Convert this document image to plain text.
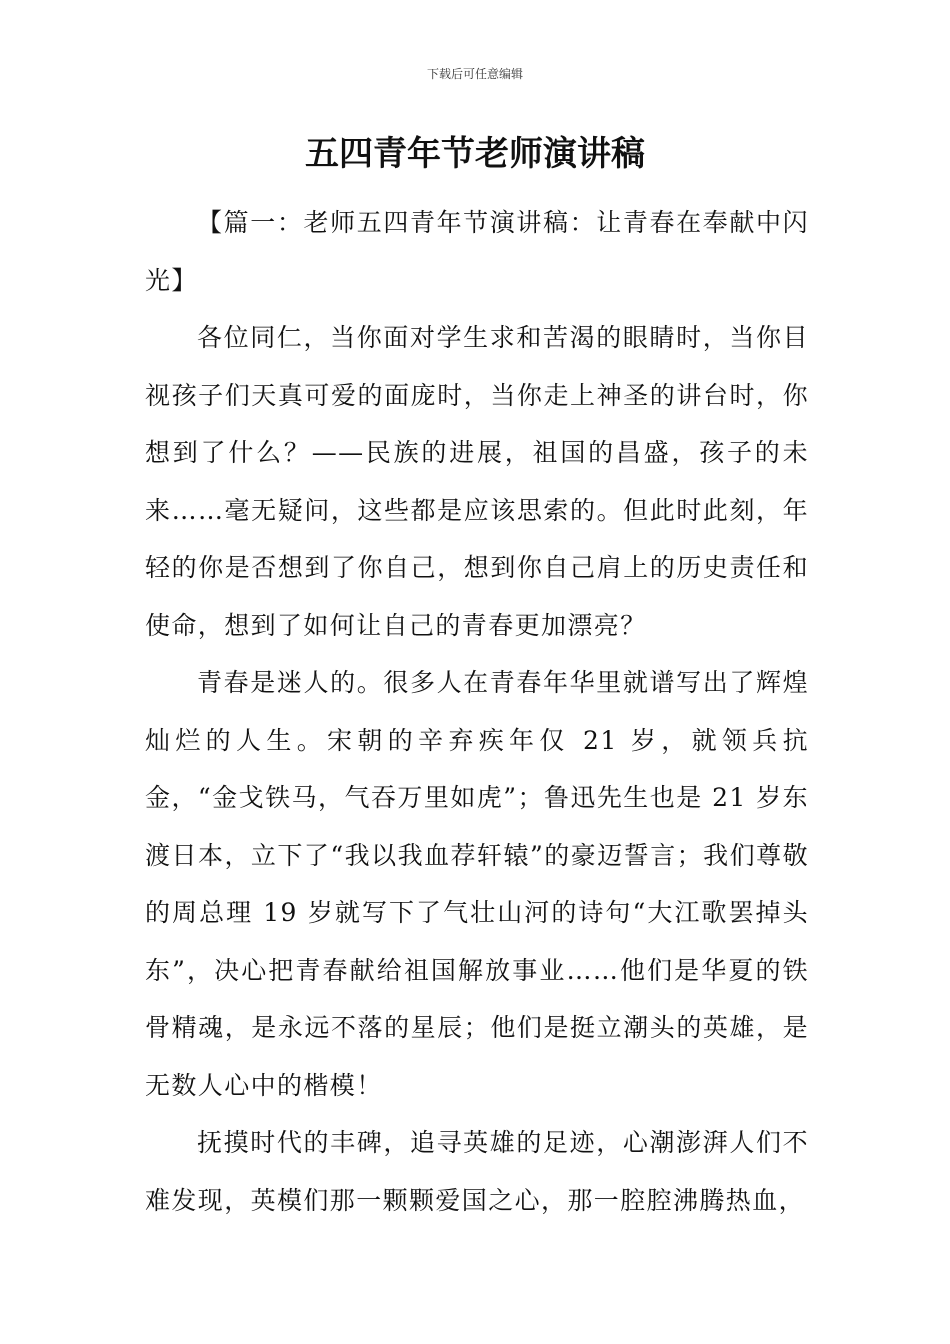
下载后可任意编辑
五四青年节老师演讲稿

【篇一：老师五四青年节演讲稿：让青春在奉献中闪光】

各位同仁，当你面对学生求和苦渴的眼睛时，当你目视孩子们天真可爱的面庞时，当你走上神圣的讲台时，你想到了什么？——民族的进展，祖国的昌盛，孩子的未来……毫无疑问，这些都是应该思索的。但此时此刻，年轻的你是否想到了你自己，想到你自己肩上的历史责任和使命，想到了如何让自己的青春更加漂亮？

青春是迷人的。很多人在青春年华里就谱写出了辉煌灿烂的人生。宋朝的辛弃疾年仅 21 岁，就领兵抗金，“金戈铁马，气吞万里如虎”；鲁迅先生也是 21 岁东渡日本，立下了“我以我血荐轩辕”的豪迈誓言；我们尊敬的周总理 19 岁就写下了气壮山河的诗句“大江歌罢掉头东”，决心把青春献给祖国解放事业……他们是华夏的铁骨精魂，是永远不落的星辰；他们是挺立潮头的英雄，是无数人心中的楷模！

抚摸时代的丰碑，追寻英雄的足迹，心潮澎湃人们不难发现，英模们那一颗颗爱国之心，那一腔腔沸腾热血，
